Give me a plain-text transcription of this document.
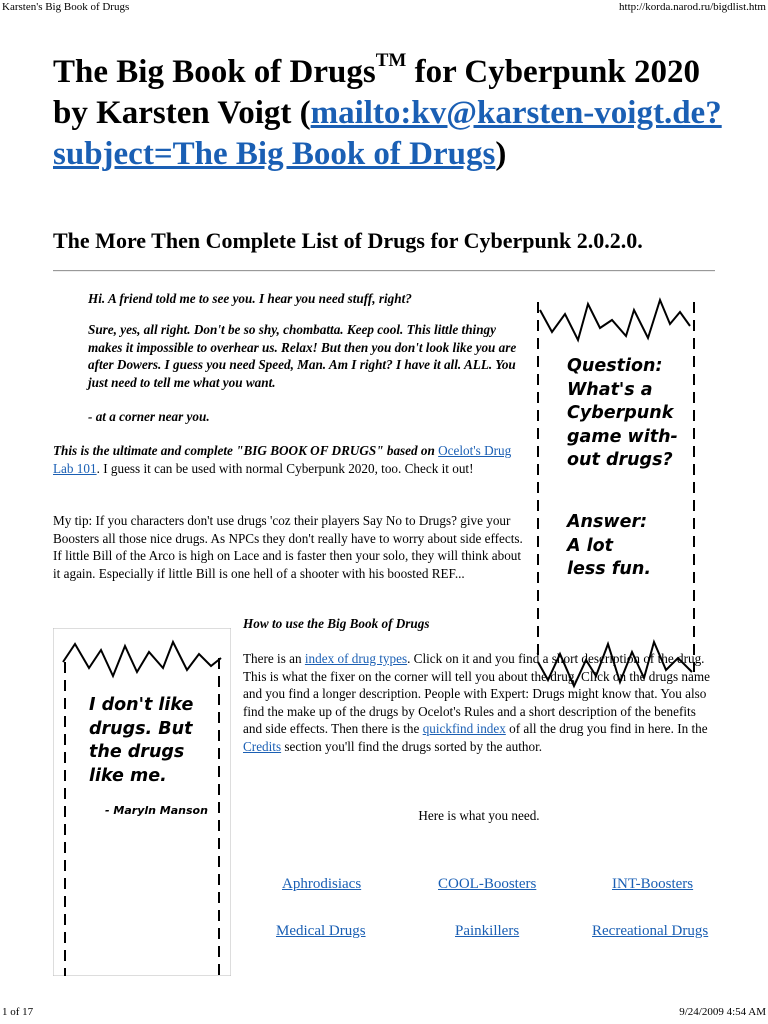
Karsten's Big Book of Drugs	http://korda.narod.ru/bigdlist.htm
1 of 17	9/24/2009 4:54 AM
The Big Book of Drugs™ for Cyberpunk 2020 by Karsten Voigt (mailto:kv@karsten-voigt.de?subject=The Big Book of Drugs)
The More Then Complete List of Drugs for Cyberpunk 2.0.2.0.

Hi. A friend told me to see you. I hear you need stuff, right?

Sure, yes, all right. Don't be so shy, chombatta. Keep cool. This little thingy makes it impossible to overhear us. Relax! But then you don't look like you are after Dowers. I guess you need Speed, Man. Am I right? I have it all. ALL. You just need to tell me what you want.

- at a corner near you.

This is the ultimate and complete "BIG BOOK OF DRUGS" based on Ocelot's Drug Lab 101. I guess it can be used with normal Cyberpunk 2020, too. Check it out!

My tip: If you characters don't use drugs 'coz their players Say No to Drugs? give your Boosters all those nice drugs. As NPCs they don't really have to worry about side effects. If little Bill of the Arco is high on Lace and is faster then your solo, they will think about it again. Especially if little Bill is one hell of a shooter with his boosted REF...

Question:
What's a
Cyberpunk
game with-
out drugs?
Answer:
A lot
less fun.
I don't like
drugs. But
the drugs
like me.
- Maryln Manson

How to use the Big Book of Drugs

There is an index of drug types. Click on it and you find a short description of the drug. This is what the fixer on the corner will tell you about the drug. Click on the drugs name and you find a longer description. People with Expert: Drugs might know that. You also find the make up of the drugs by Ocelot's Rules and a short description of the benefits and side effects. Then there is the quickfind index of all the drug you find in here. In the Credits section you'll find the drugs sorted by the author.

Here is what you need.

Aphrodisiacs	COOL-Boosters	INT-Boosters
Medical Drugs	Painkillers	Recreational Drugs
